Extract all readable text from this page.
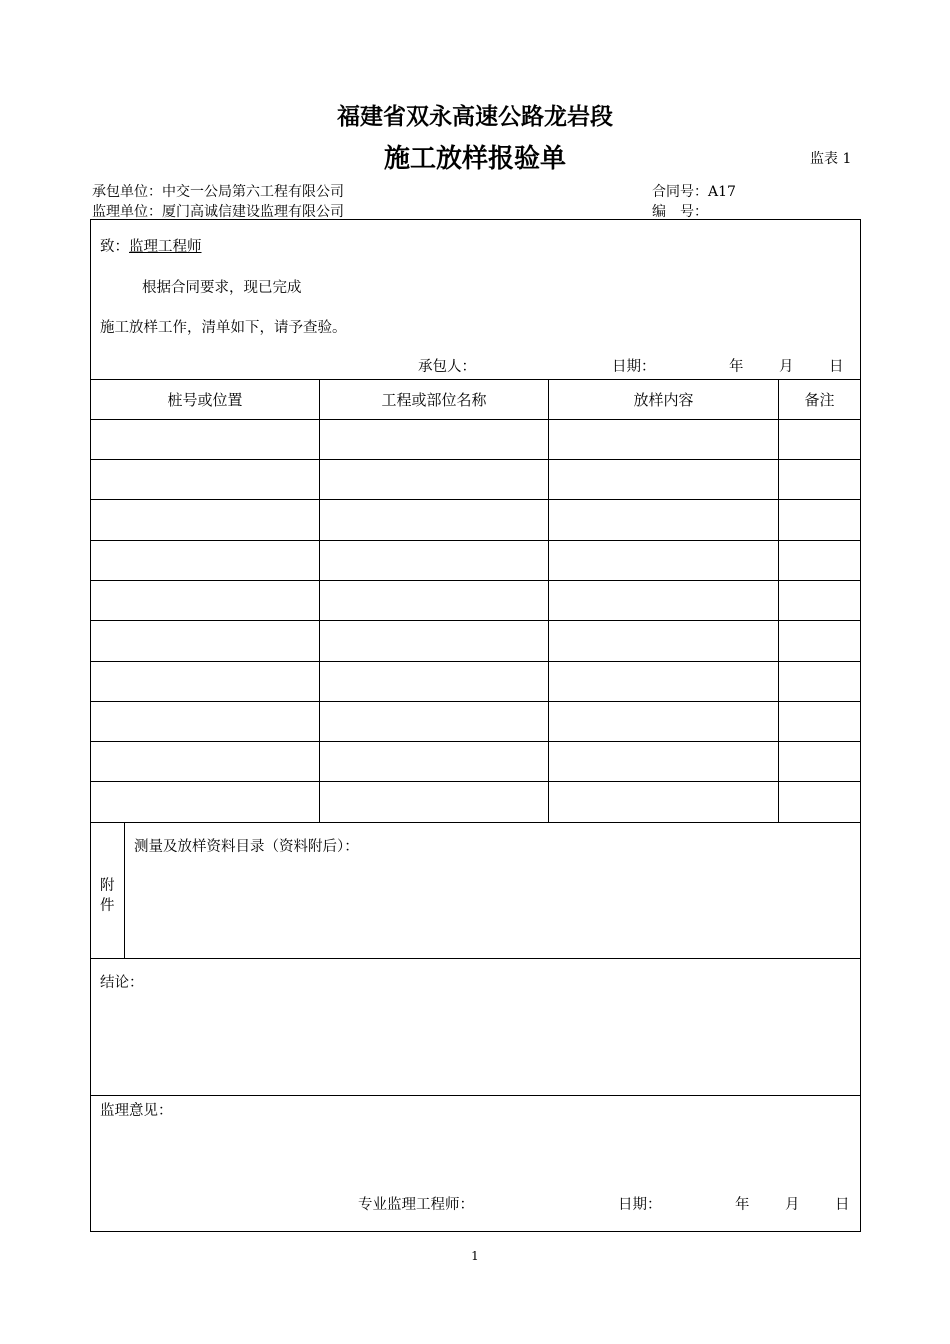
福建省双永高速公路龙岩段
施工放样报验单	监表 1
承包单位：中交一公局第六工程有限公司
监理单位：厦门高诚信建设监理有限公司
合同号：A17
编　号：
致：监理工程师
根据合同要求，现已完成
施工放样工作，清单如下，请予查验。
承包人：	日期：	年 月 日
桩号或位置	工程或部位名称	放样内容	备注
附
件
测量及放样资料目录（资料附后）：
结论：
监理意见：
专业监理工程师：	日期：	年 月 日
1
